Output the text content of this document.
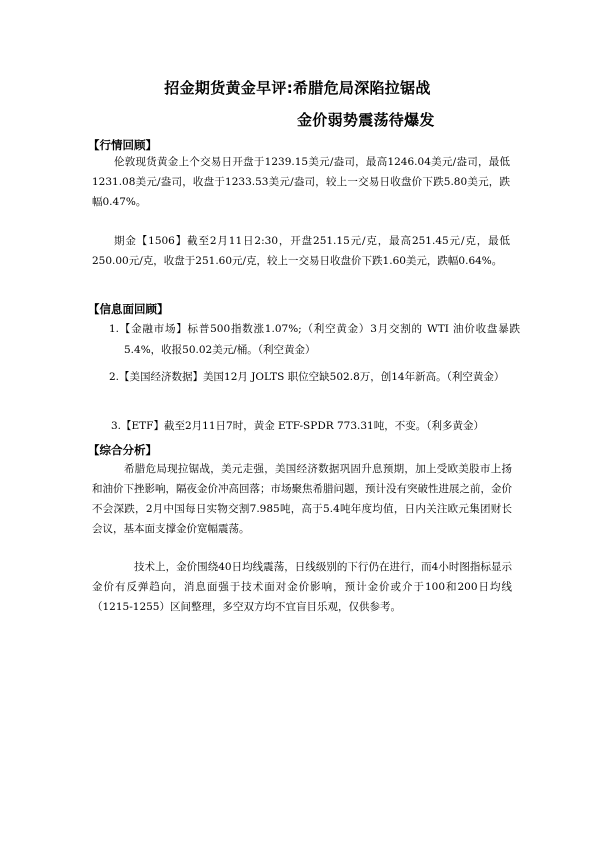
招金期货黄金早评:希腊危局深陷拉锯战
金价弱势震荡待爆发
【行情回顾】

伦敦现货黄金上个交易日开盘于1239.15美元/盎司，最高1246.04美元/盎司，最低1231.08美元/盎司，收盘于1233.53美元/盎司，较上一交易日收盘价下跌5.80美元，跌幅0.47%。

期金【1506】截至2月11日2:30，开盘251.15元/克，最高251.45元/克，最低250.00元/克，收盘于251.60元/克，较上一交易日收盘价下跌1.60美元，跌幅0.64%。

【信息面回顾】

1.【金融市场】标普500指数涨1.07%;（利空黄金）3月交割的 WTI 油价收盘暴跌5.4%，收报50.02美元/桶。（利空黄金）

2.【美国经济数据】美国12月 JOLTS 职位空缺502.8万，创14年新高。（利空黄金）

3.【ETF】截至2月11日7时，黄金 ETF-SPDR 773.31吨，不变。（利多黄金）

【综合分析】

希腊危局现拉锯战，美元走强，美国经济数据巩固升息预期，加上受欧美股市上扬和油价下挫影响，隔夜金价冲高回落；市场聚焦希腊问题，预计没有突破性进展之前，金价不会深跌，2月中国每日实物交割7.985吨，高于5.4吨年度均值，日内关注欧元集团财长会议，基本面支撑金价宽幅震荡。

技术上，金价围绕40日均线震荡，日线级别的下行仍在进行，而4小时图指标显示金价有反弹趋向，消息面强于技术面对金价影响，预计金价或介于100和200日均线（1215-1255）区间整理，多空双方均不宜盲目乐观，仅供参考。
